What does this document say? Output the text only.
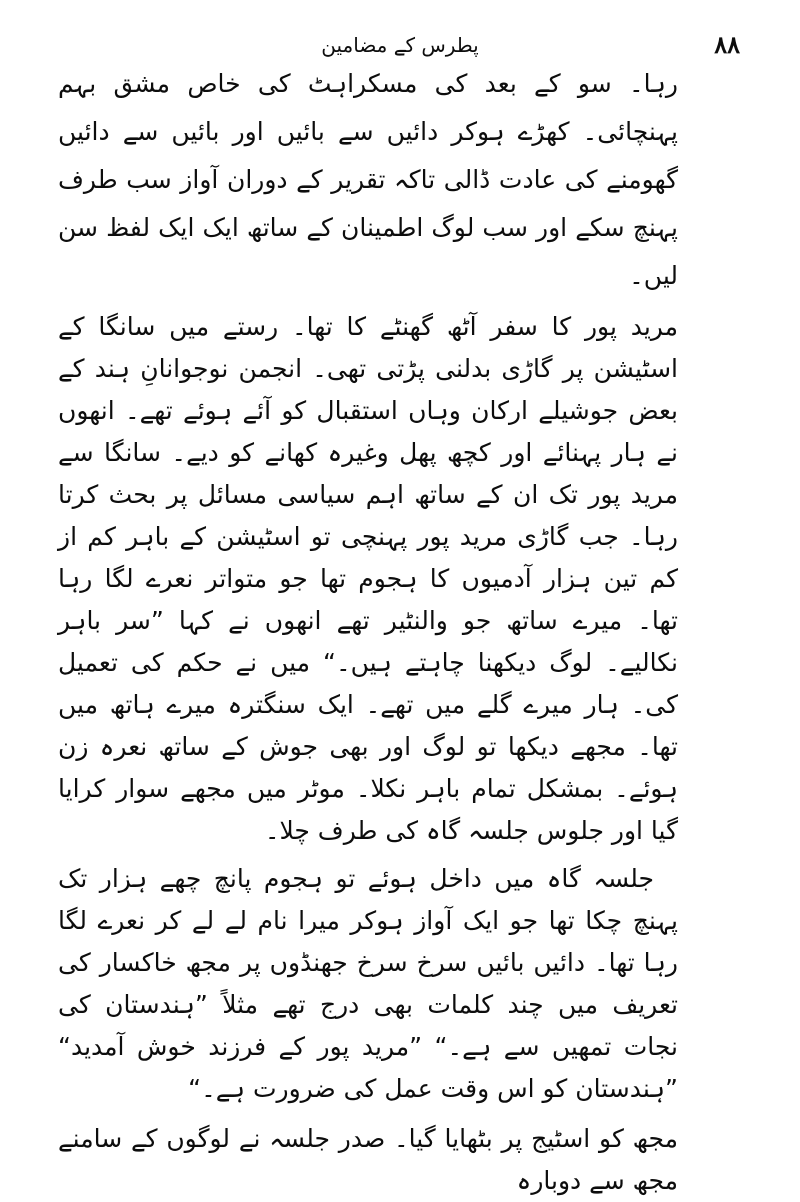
پطرس کے مضامین	۸۸

رہا۔ سو کے بعد کی مسکراہٹ کی خاص مشق بہم پہنچائی۔ کھڑے ہوکر دائیں سے بائیں اور بائیں سے دائیں گھومنے کی عادت ڈالی تاکہ تقریر کے دوران آواز سب طرف پہنچ سکے اور سب لوگ اطمینان کے ساتھ ایک ایک لفظ سن لیں۔

مرید پور کا سفر آٹھ گھنٹے کا تھا۔ رستے میں سانگا کے اسٹیشن پر گاڑی بدلنی پڑتی تھی۔ انجمن نوجوانانِ ہند کے بعض جوشیلے ارکان وہاں استقبال کو آئے ہوئے تھے۔ انھوں نے ہار پہنائے اور کچھ پھل وغیرہ کھانے کو دیے۔ سانگا سے مرید پور تک ان کے ساتھ اہم سیاسی مسائل پر بحث کرتا رہا۔ جب گاڑی مرید پور پہنچی تو اسٹیشن کے باہر کم از کم تین ہزار آدمیوں کا ہجوم تھا جو متواتر نعرے لگا رہا تھا۔ میرے ساتھ جو والنٹیر تھے انھوں نے کہا ”سر باہر نکالیے۔ لوگ دیکھنا چاہتے ہیں۔“ میں نے حکم کی تعمیل کی۔ ہار میرے گلے میں تھے۔ ایک سنگترہ میرے ہاتھ میں تھا۔ مجھے دیکھا تو لوگ اور بھی جوش کے ساتھ نعرہ زن ہوئے۔ بمشکل تمام باہر نکلا۔ موٹر میں مجھے سوار کرایا گیا اور جلوس جلسہ گاہ کی طرف چلا۔

جلسہ گاہ میں داخل ہوئے تو ہجوم پانچ چھے ہزار تک پہنچ چکا تھا جو ایک آواز ہوکر میرا نام لے لے کر نعرے لگا رہا تھا۔ دائیں بائیں سرخ سرخ جھنڈوں پر مجھ خاکسار کی تعریف میں چند کلمات بھی درج تھے مثلاً ”ہندستان کی نجات تمھیں سے ہے۔“ ”مرید پور کے فرزند خوش آمدید“ ”ہندستان کو اس وقت عمل کی ضرورت ہے۔“

مجھ کو اسٹیج پر بٹھایا گیا۔ صدر جلسہ نے لوگوں کے سامنے مجھ سے دوبارہ
